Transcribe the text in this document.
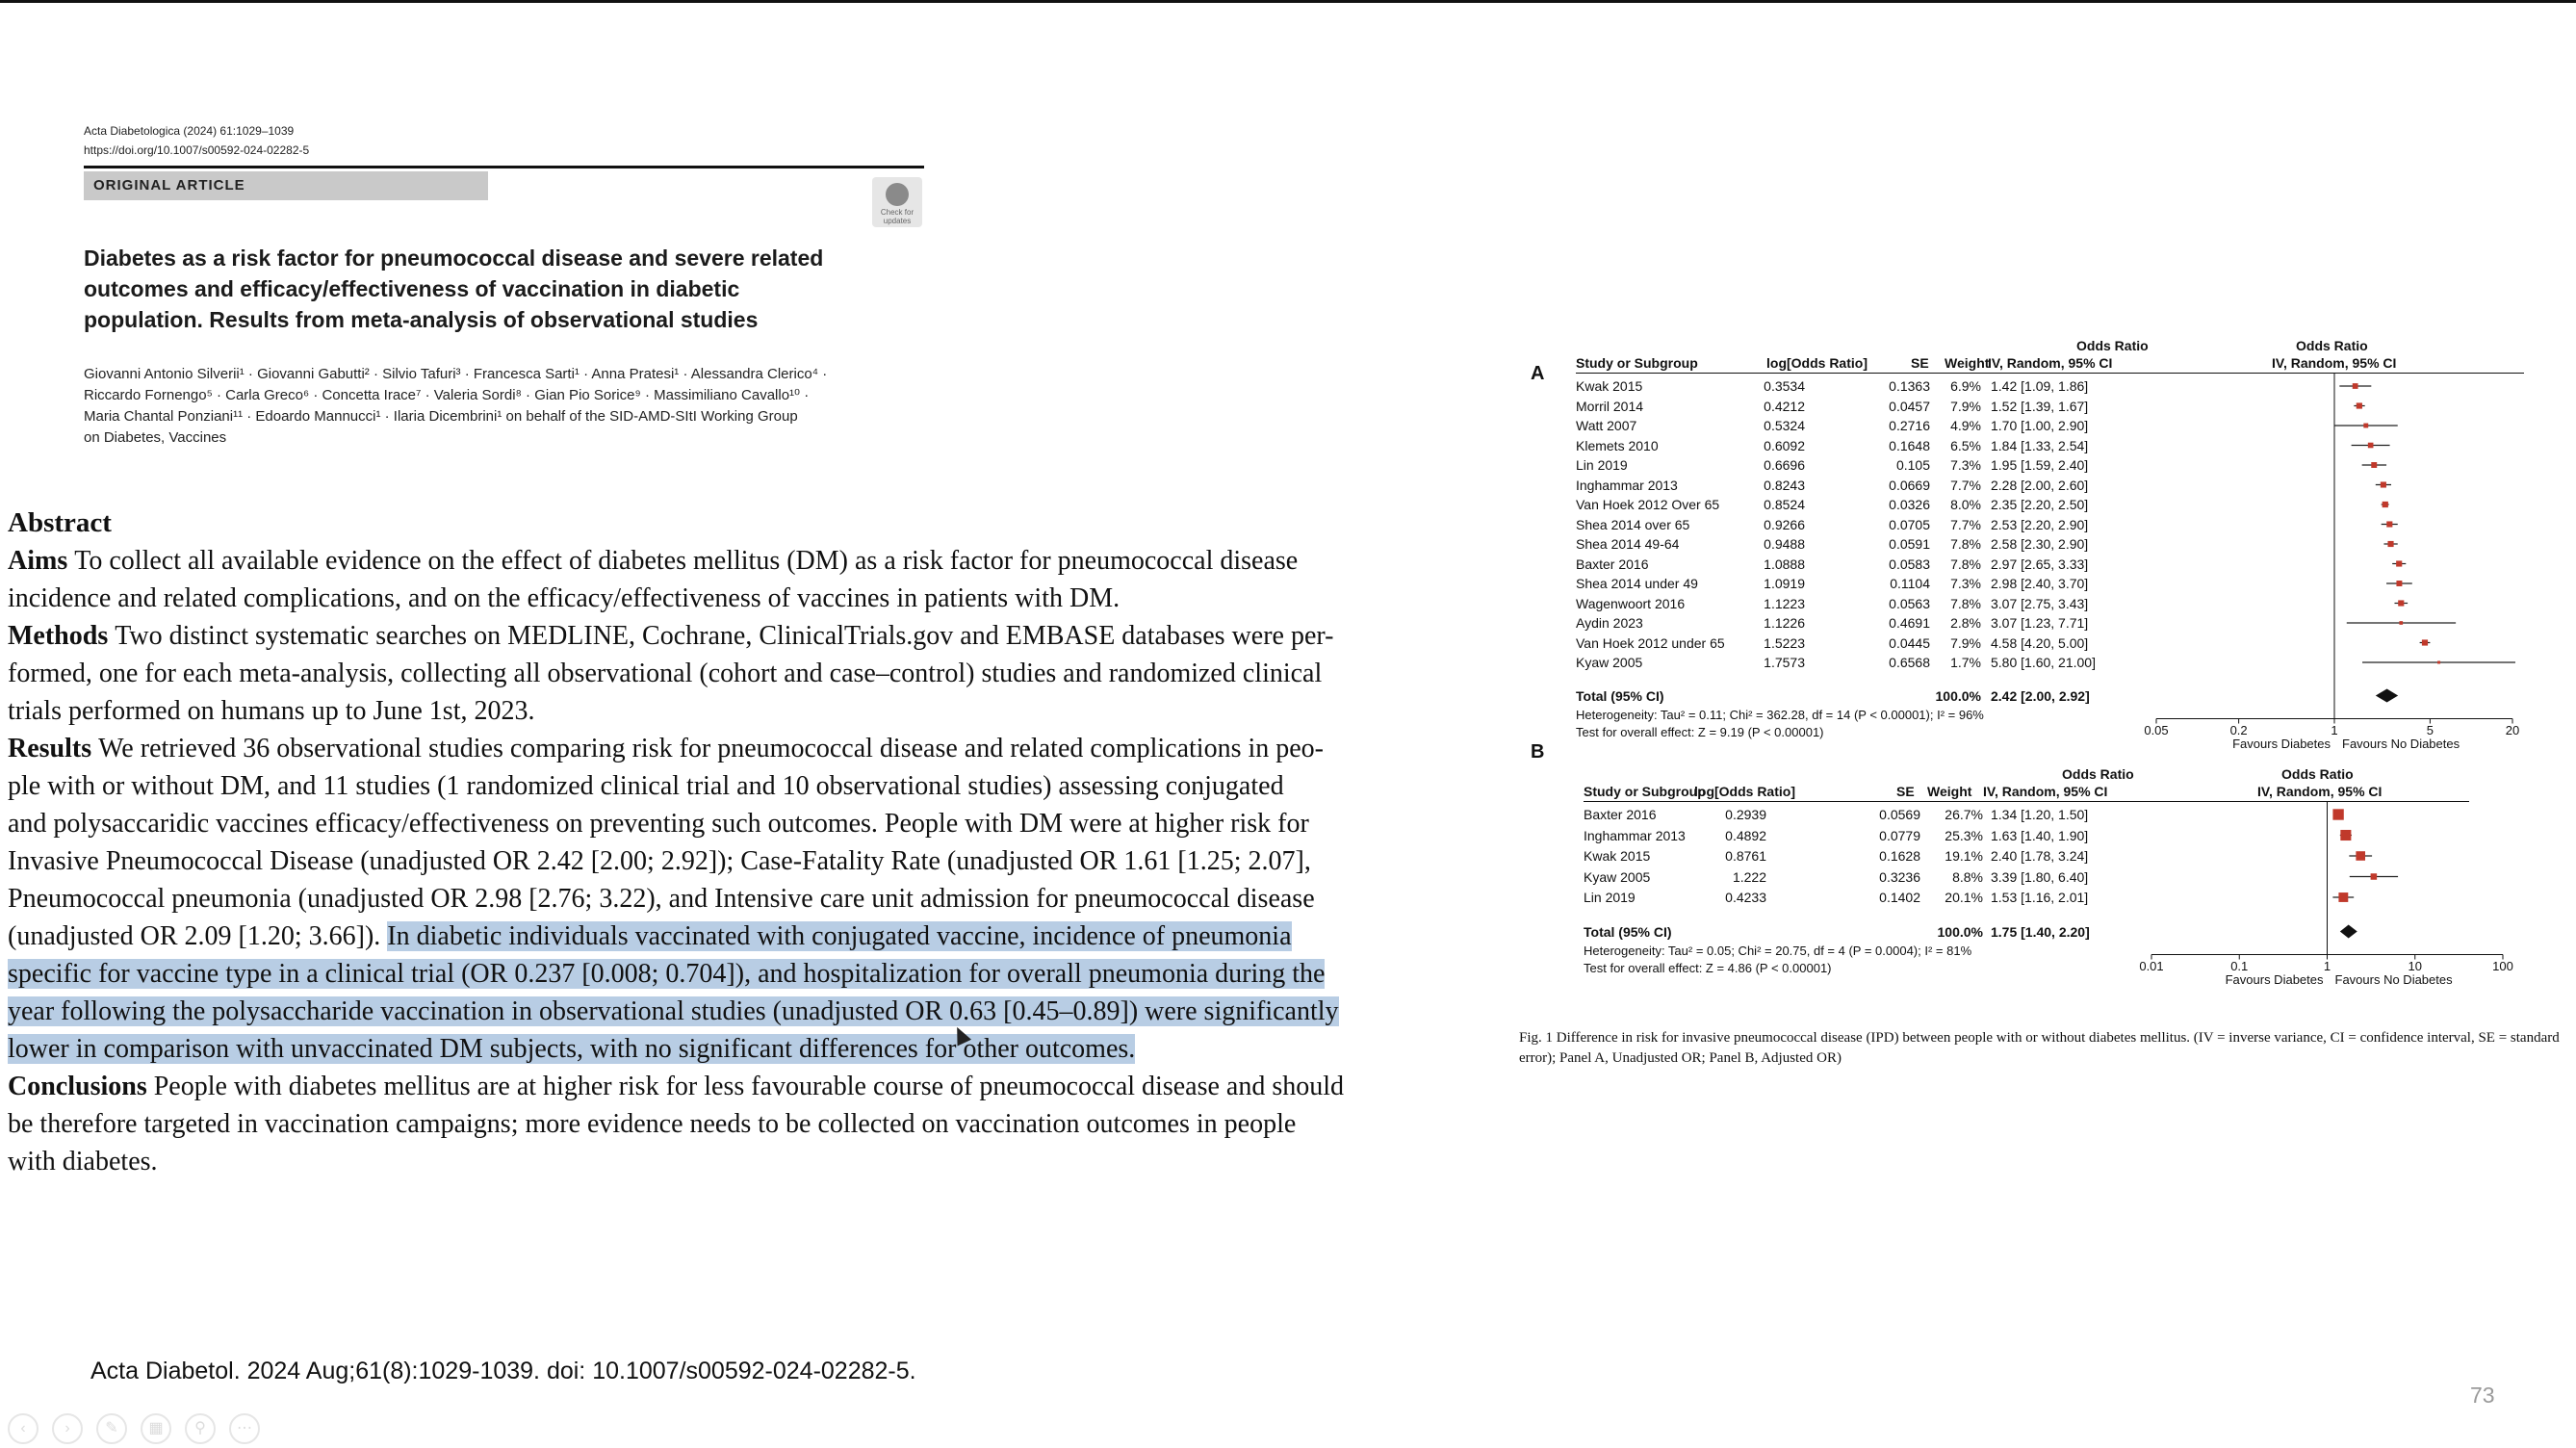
Acta Diabetologica (2024) 61:1029–1039
https://doi.org/10.1007/s00592-024-02282-5
ORIGINAL ARTICLE
Check for updates
Diabetes as a risk factor for pneumococcal disease and severe related
outcomes and efficacy/effectiveness of vaccination in diabetic
population. Results from meta-analysis of observational studies
Giovanni Antonio Silverii¹ · Giovanni Gabutti² · Silvio Tafuri³ · Francesca Sarti¹ · Anna Pratesi¹ · Alessandra Clerico⁴ ·
Riccardo Fornengo⁵ · Carla Greco⁶ · Concetta Irace⁷ · Valeria Sordi⁸ · Gian Pio Sorice⁹ · Massimiliano Cavallo¹⁰ ·
Maria Chantal Ponziani¹¹ · Edoardo Mannucci¹ · Ilaria Dicembrini¹ on behalf of the SID-AMD-SItI Working Group
on Diabetes, Vaccines
Abstract
Aims To collect all available evidence on the effect of diabetes mellitus (DM) as a risk factor for pneumococcal disease
incidence and related complications, and on the efficacy/effectiveness of vaccines in patients with DM.
Methods Two distinct systematic searches on MEDLINE, Cochrane, ClinicalTrials.gov and EMBASE databases were per-
formed, one for each meta-analysis, collecting all observational (cohort and case–control) studies and randomized clinical
trials performed on humans up to June 1st, 2023.
Results We retrieved 36 observational studies comparing risk for pneumococcal disease and related complications in peo-
ple with or without DM, and 11 studies (1 randomized clinical trial and 10 observational studies) assessing conjugated
and polysaccaridic vaccines efficacy/effectiveness on preventing such outcomes. People with DM were at higher risk for
Invasive Pneumococcal Disease (unadjusted OR 2.42 [2.00; 2.92]); Case-Fatality Rate (unadjusted OR 1.61 [1.25; 2.07],
Pneumococcal pneumonia (unadjusted OR 2.98 [2.76; 3.22), and Intensive care unit admission for pneumococcal disease
(unadjusted OR 2.09 [1.20; 3.66]). In diabetic individuals vaccinated with conjugated vaccine, incidence of pneumonia
specific for vaccine type in a clinical trial (OR 0.237 [0.008; 0.704]), and hospitalization for overall pneumonia during the
year following the polysaccharide vaccination in observational studies (unadjusted OR 0.63 [0.45–0.89]) were significantly
lower in comparison with unvaccinated DM subjects, with no significant differences for other outcomes.
Conclusions People with diabetes mellitus are at higher risk for less favourable course of pneumococcal disease and should
be therefore targeted in vaccination campaigns; more evidence needs to be collected on vaccination outcomes in people
with diabetes.
A
Odds Ratio	Odds Ratio
Study or Subgroup	log[Odds Ratio]	SE Weight
IV, Random, 95% CI	IV, Random, 95% CI
Kwak 2015	0.3534	0.1363	6.9% 1.42 [1.09, 1.86]
Morril 2014	0.4212	0.0457	7.9% 1.52 [1.39, 1.67]
Watt 2007	0.5324	0.2716	4.9% 1.70 [1.00, 2.90]
Klemets 2010	0.6092	0.1648	6.5% 1.84 [1.33, 2.54]
Lin 2019	0.6696	0.105	7.3% 1.95 [1.59, 2.40]
Inghammar 2013	0.8243	0.0669	7.7% 2.28 [2.00, 2.60]
Van Hoek 2012 Over 65	0.8524	0.0326	8.0% 2.35 [2.20, 2.50]
Shea 2014 over 65	0.9266	0.0705	7.7% 2.53 [2.20, 2.90]
Shea 2014 49-64	0.9488	0.0591	7.8% 2.58 [2.30, 2.90]
Baxter 2016	1.0888	0.0583	7.8% 2.97 [2.65, 3.33]
Shea 2014 under 49	1.0919	0.1104	7.3% 2.98 [2.40, 3.70]
Wagenwoort 2016	1.1223	0.0563	7.8% 3.07 [2.75, 3.43]
Aydin 2023	1.1226	0.4691	2.8% 3.07 [1.23, 7.71]
Van Hoek 2012 under 65	1.5223	0.0445	7.9% 4.58 [4.20, 5.00]
Kyaw 2005	1.7573	0.6568	1.7% 5.80 [1.60, 21.00]
Total (95% CI)	100.0% 2.42 [2.00, 2.92]
Heterogeneity: Tau² = 0.11; Chi² = 362.28, df = 14 (P < 0.00001); I² = 96%
Test for overall effect: Z = 9.19 (P < 0.00001)	0.05	0.2	1	5	20
Favours Diabetes Favours No Diabetes
B
Odds Ratio	Odds Ratio
Study or Subgroup
log[Odds Ratio]	SE Weight IV, Random, 95% CI	IV, Random, 95% CI
Baxter 2016	0.2939	0.0569	26.7% 1.34 [1.20, 1.50]
Inghammar 2013	0.4892	0.0779	25.3% 1.63 [1.40, 1.90]
Kwak 2015	0.8761	0.1628	19.1% 2.40 [1.78, 3.24]
Kyaw 2005	1.222	0.3236	8.8% 3.39 [1.80, 6.40]
Lin 2019	0.4233	0.1402	20.1% 1.53 [1.16, 2.01]
Total (95% CI)	100.0% 1.75 [1.40, 2.20]
Heterogeneity: Tau² = 0.05; Chi² = 20.75, df = 4 (P = 0.0004); I² = 81%
Test for overall effect: Z = 4.86 (P < 0.00001)	0.01	0.1	1	10	100
Favours Diabetes Favours No Diabetes
Fig. 1 Difference in risk for invasive pneumococcal disease (IPD) between people with or without diabetes mellitus. (IV = inverse variance, CI = confidence interval, SE = standard error); Panel A, Unadjusted OR; Panel B, Adjusted OR)
Acta Diabetol. 2024 Aug;61(8):1029-1039. doi: 10.1007/s00592-024-02282-5.
73
‹	›	✎	▦	⚲	⋯
